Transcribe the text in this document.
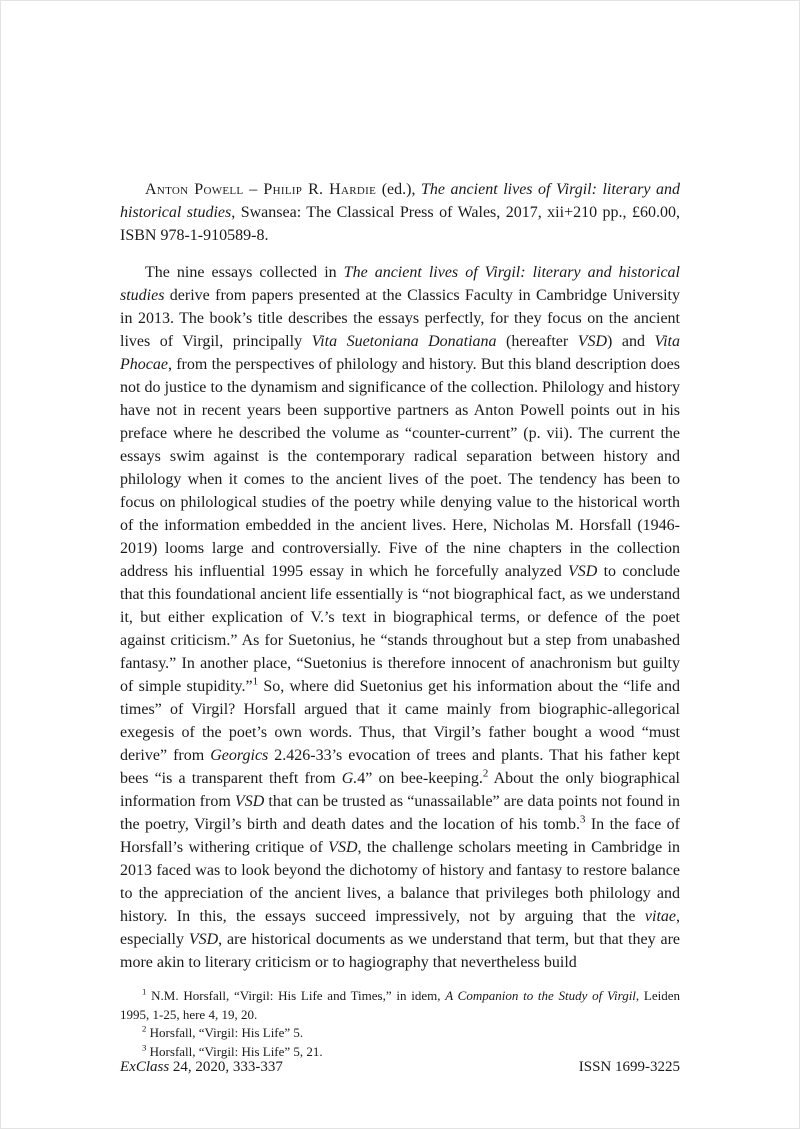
Anton Powell – Philip R. Hardie (ed.), The ancient lives of Virgil: literary and historical studies, Swansea: The Classical Press of Wales, 2017, xii+210 pp., £60.00, ISBN 978-1-910589-8.

The nine essays collected in The ancient lives of Virgil: literary and historical studies derive from papers presented at the Classics Faculty in Cambridge University in 2013. The book’s title describes the essays perfectly, for they focus on the ancient lives of Virgil, principally Vita Suetoniana Donatiana (hereafter VSD) and Vita Phocae, from the perspectives of philology and history. But this bland description does not do justice to the dynamism and significance of the collection. Philology and history have not in recent years been supportive partners as Anton Powell points out in his preface where he described the volume as “counter-current” (p. vii). The current the essays swim against is the contemporary radical separation between history and philology when it comes to the ancient lives of the poet. The tendency has been to focus on philological studies of the poetry while denying value to the historical worth of the information embedded in the ancient lives. Here, Nicholas M. Horsfall (1946-2019) looms large and controversially. Five of the nine chapters in the collection address his influential 1995 essay in which he forcefully analyzed VSD to conclude that this foundational ancient life essentially is “not biographical fact, as we understand it, but either explication of V.’s text in biographical terms, or defence of the poet against criticism.” As for Suetonius, he “stands throughout but a step from unabashed fantasy.” In another place, “Suetonius is therefore innocent of anachronism but guilty of simple stupidity.”$^1$ So, where did Suetonius get his information about the “life and times” of Virgil? Horsfall argued that it came mainly from biographic-allegorical exegesis of the poet’s own words. Thus, that Virgil’s father bought a wood “must derive” from Georgics 2.426-33’s evocation of trees and plants. That his father kept bees “is a transparent theft from G.4” on bee-keeping.$^2$ About the only biographical information from VSD that can be trusted as “unassailable” are data points not found in the poetry, Virgil’s birth and death dates and the location of his tomb.$^3$ In the face of Horsfall’s withering critique of VSD, the challenge scholars meeting in Cambridge in 2013 faced was to look beyond the dichotomy of history and fantasy to restore balance to the appreciation of the ancient lives, a balance that privileges both philology and history. In this, the essays succeed impressively, not by arguing that the vitae, especially VSD, are historical documents as we understand that term, but that they are more akin to literary criticism or to hagiography that nevertheless build

$^1$ N.M. Horsfall, “Virgil: His Life and Times,” in idem, A Companion to the Study of Virgil, Leiden 1995, 1-25, here 4, 19, 20.

$^2$ Horsfall, “Virgil: His Life” 5.

$^3$ Horsfall, “Virgil: His Life” 5, 21.

ExClass 24, 2020, 333-337	ISSN 1699-3225
